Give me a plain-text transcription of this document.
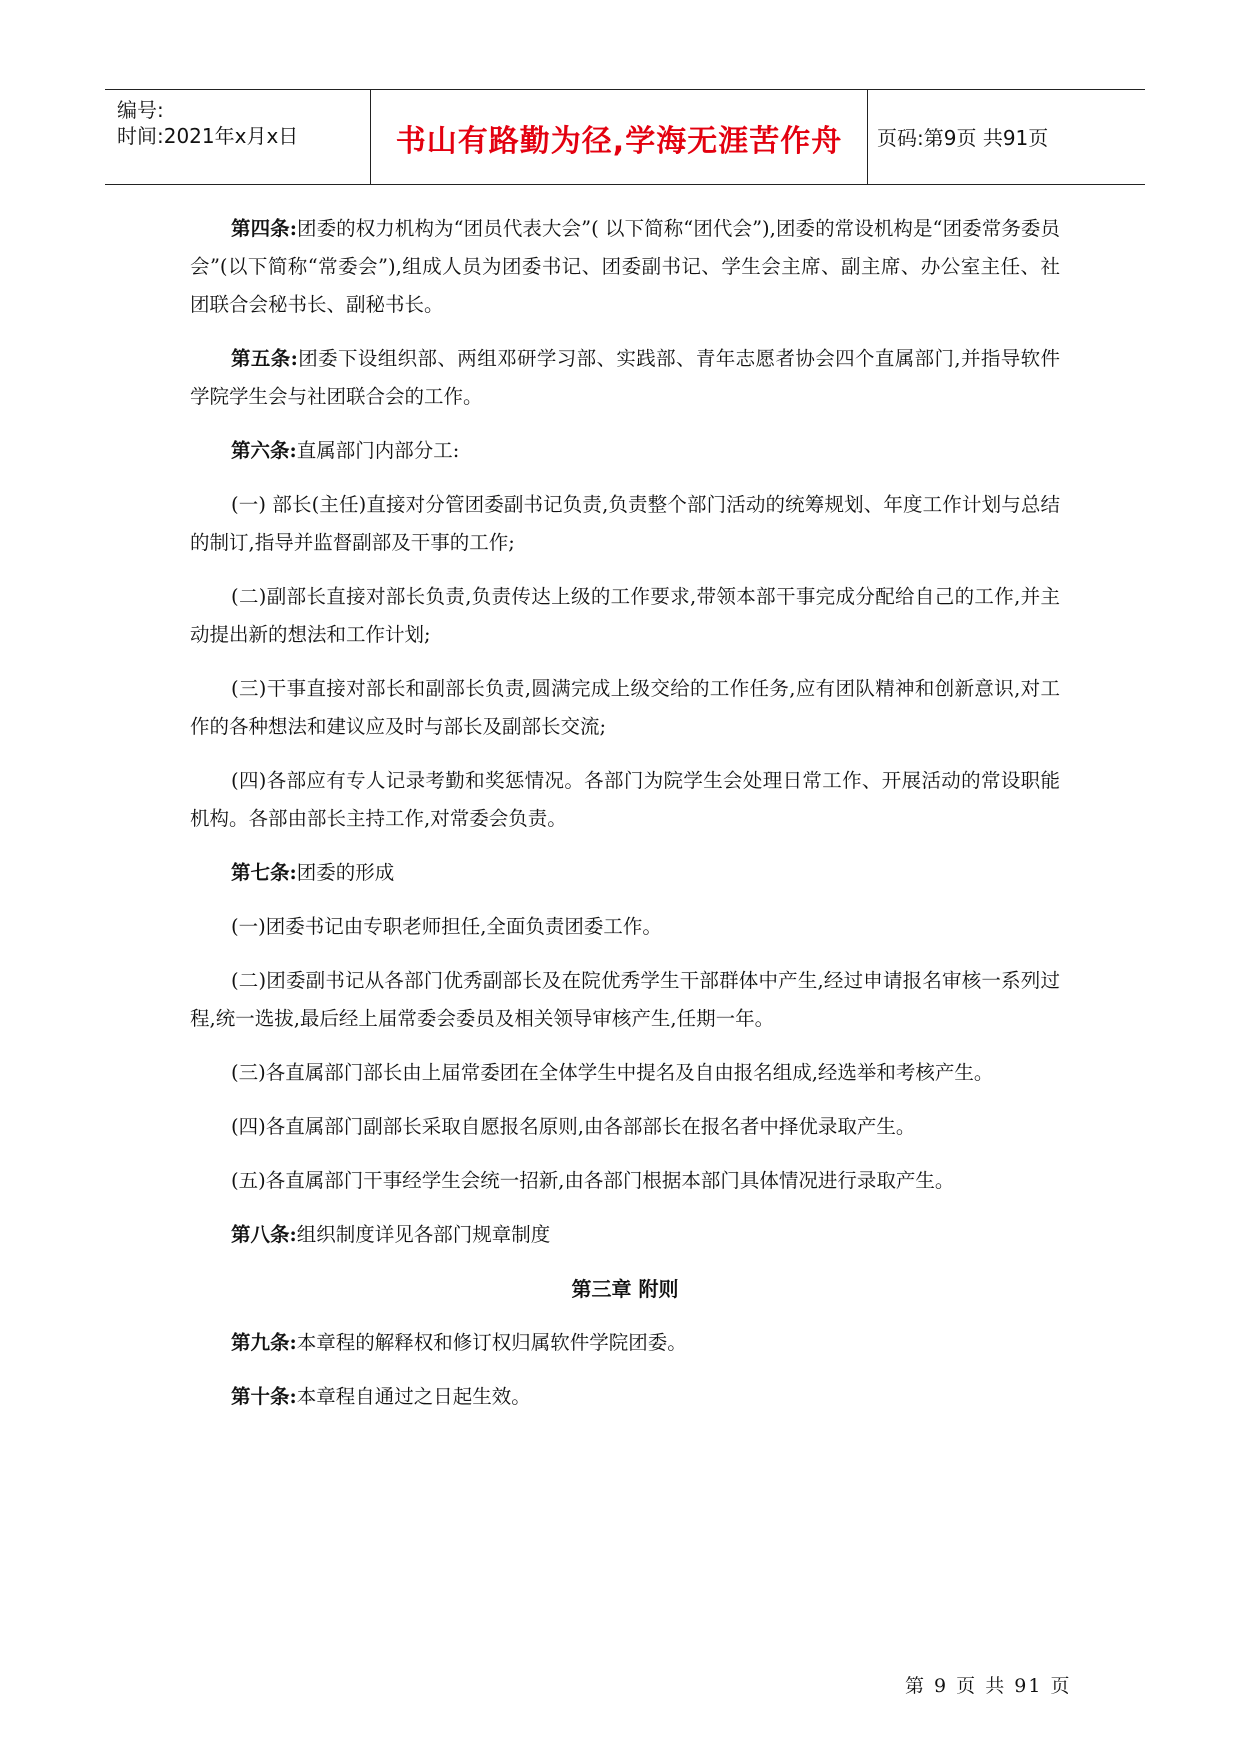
编号:
时间:2021年x月x日	书山有路勤为径,学海无涯苦作舟	页码:第9页 共91页

第四条:团委的权力机构为“团员代表大会”( 以下简称“团代会”),团委的常设机构是“团委常务委员会”(以下简称“常委会”),组成人员为团委书记、团委副书记、学生会主席、副主席、办公室主任、社团联合会秘书长、副秘书长。

第五条:团委下设组织部、两组邓研学习部、实践部、青年志愿者协会四个直属部门,并指导软件学院学生会与社团联合会的工作。

第六条:直属部门内部分工:

(一) 部长(主任)直接对分管团委副书记负责,负责整个部门活动的统筹规划、年度工作计划与总结的制订,指导并监督副部及干事的工作;

(二)副部长直接对部长负责,负责传达上级的工作要求,带领本部干事完成分配给自己的工作,并主动提出新的想法和工作计划;

(三)干事直接对部长和副部长负责,圆满完成上级交给的工作任务,应有团队精神和创新意识,对工作的各种想法和建议应及时与部长及副部长交流;

(四)各部应有专人记录考勤和奖惩情况。各部门为院学生会处理日常工作、开展活动的常设职能机构。各部由部长主持工作,对常委会负责。

第七条:团委的形成

(一)团委书记由专职老师担任,全面负责团委工作。

(二)团委副书记从各部门优秀副部长及在院优秀学生干部群体中产生,经过申请报名审核一系列过程,统一选拔,最后经上届常委会委员及相关领导审核产生,任期一年。

(三)各直属部门部长由上届常委团在全体学生中提名及自由报名组成,经选举和考核产生。

(四)各直属部门副部长采取自愿报名原则,由各部部长在报名者中择优录取产生。

(五)各直属部门干事经学生会统一招新,由各部门根据本部门具体情况进行录取产生。

第八条:组织制度详见各部门规章制度

第三章 附则

第九条:本章程的解释权和修订权归属软件学院团委。

第十条:本章程自通过之日起生效。

第 9 页 共 91 页
